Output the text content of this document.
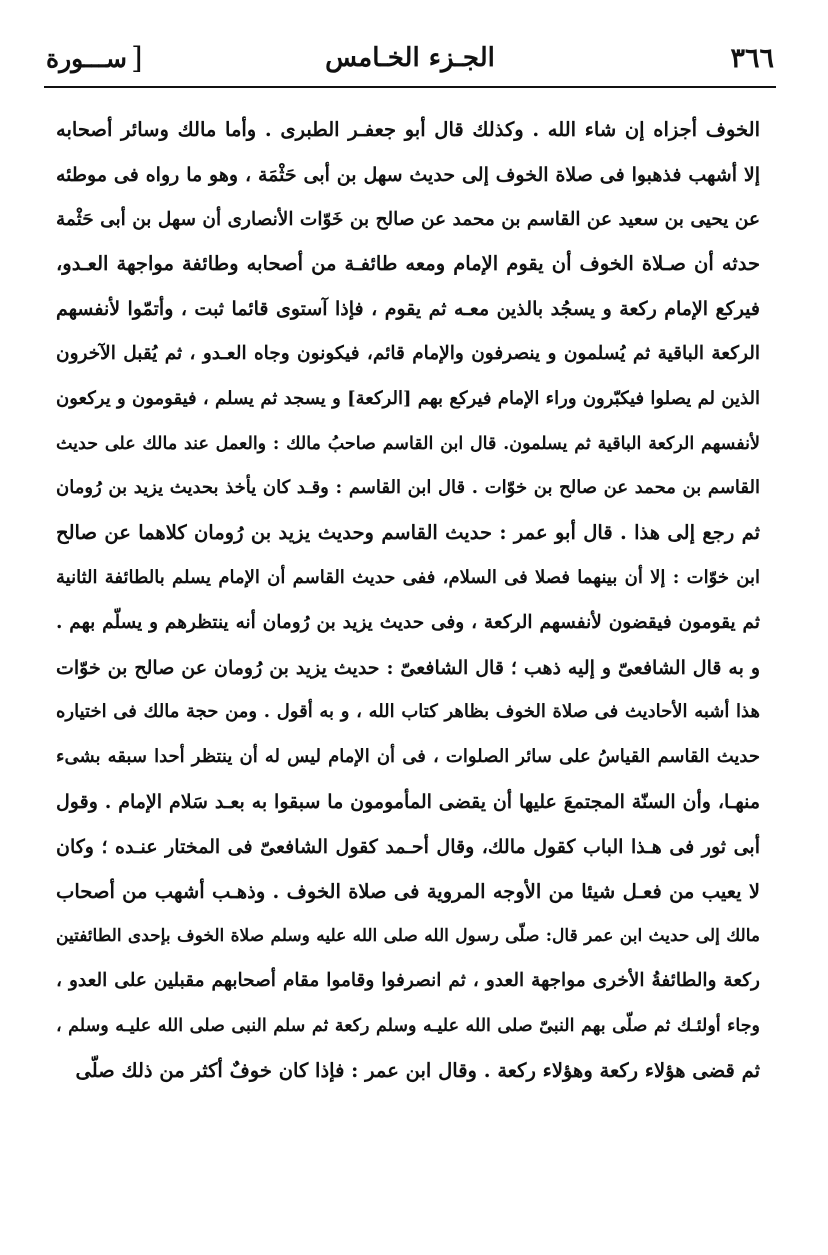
٣٦٦
الجـزء الخـامس
[
ســـورة
الخوف أجزاه إن شاء الله . وكذلك قال أبو جعفـر الطبرى . وأما مالك وسائر أصحابه
إلا أشهب فذهبوا فى صلاة الخوف إلى حديث سهل بن أبى حَثْمَة ، وهو ما رواه فى موطئه
عن يحيى بن سعيد عن القاسم بن محمد عن صالح بن خَوّات الأنصارى أن سهل بن أبى حَثْمة
حدثه أن صـلاة الخوف أن يقوم الإمام ومعه طائفـة من أصحابه وطائفة مواجهة العـدو،
فيركع الإمام ركعة و يسجُد بالذين معـه ثم يقوم ، فإذا آستوى قائما ثبت ، وأتمّوا لأنفسهم
الركعة الباقية ثم يُسلمون و ينصرفون والإمام قائم، فيكونون وجاه العـدو ، ثم يُقبل الآخرون
الذين لم يصلوا فيكبّرون وراء الإمام فيركع بهم [الركعة] و يسجد ثم يسلم ، فيقومون و يركعون
لأنفسهم الركعة الباقية ثم يسلمون. قال ابن القاسم صاحبُ مالك : والعمل عند مالك على حديث
القاسم بن محمد عن صالح بن خوّات . قال ابن القاسم : وقـد كان يأخذ بحديث يزيد بن رُومان
ثم رجع إلى هذا . قال أبو عمر : حديث القاسم وحديث يزيد بن رُومان كلاهما عن صالح
ابن خوّات : إلا أن بينهما فصلا فى السلام، ففى حديث القاسم أن الإمام يسلم بالطائفة الثانية
ثم يقومون فيقضون لأنفسهم الركعة ، وفى حديث يزيد بن رُومان أنه ينتظرهم و يسلّم بهم .
و به قال الشافعىّ و إليه ذهب ؛ قال الشافعىّ : حديث يزيد بن رُومان عن صالح بن خوّات
هذا أشبه الأحاديث فى صلاة الخوف بظاهر كتاب الله ، و به أقول . ومن حجة مالك فى اختياره
حديث القاسم القياسُ على سائر الصلوات ، فى أن الإمام ليس له أن ينتظر أحدا سبقه بشىء
منهـا، وأن السنّة المجتمعَ عليها أن يقضى المأمومون ما سبقوا به بعـد سَلام الإمام . وقول
أبى ثور فى هـذا الباب كقول مالك، وقال أحـمد كقول الشافعىّ فى المختار عنـده ؛ وكان
لا يعيب من فعـل شيئا من الأوجه المروية فى صلاة الخوف . وذهـب أشهب من أصحاب
مالك إلى حديث ابن عمر قال: صلّى رسول الله صلى الله عليه وسلم صلاة الخوف بإحدى الطائفتين
ركعة والطائفةُ الأخرى مواجهة العدو ، ثم انصرفوا وقاموا مقام أصحابهم مقبلين على العدو ،
وجاء أولئـك ثم صلّى بهم النبىّ صلى الله عليـه وسلم ركعة ثم سلم النبى صلى الله عليـه وسلم ،
ثم قضى هؤلاء ركعة وهؤلاء ركعة . وقال ابن عمر : فإذا كان خوفٌ أكثر من ذلك صلّى
